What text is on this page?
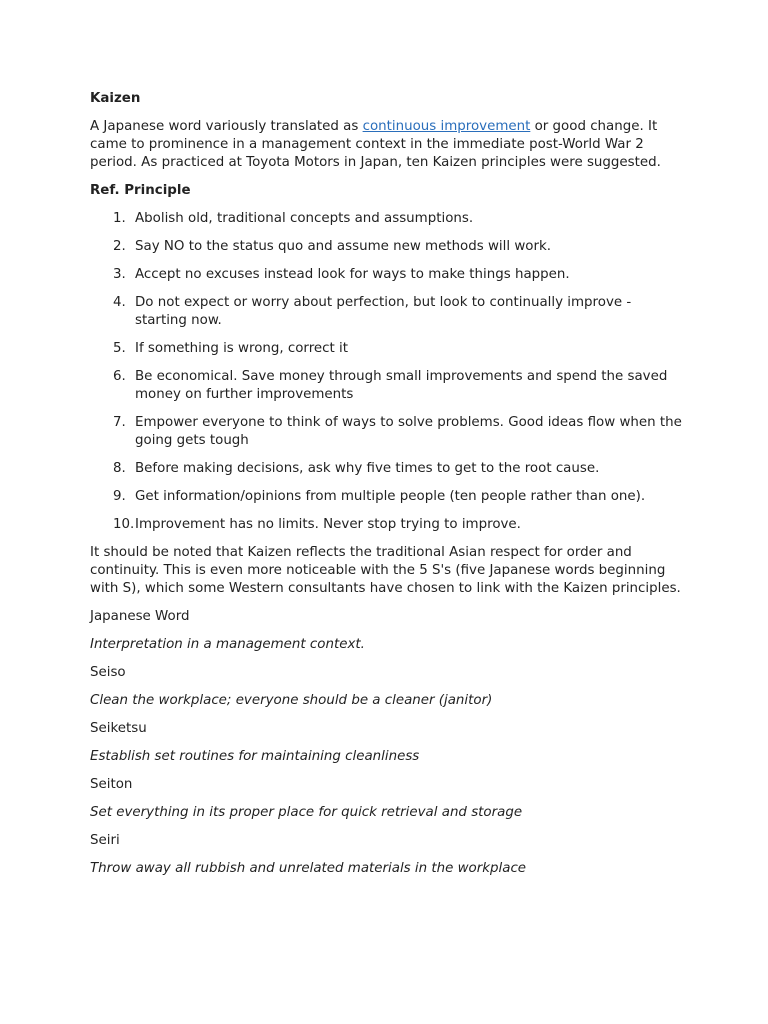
Kaizen

A Japanese word variously translated as continuous improvement or good change. It came to prominence in a management context in the immediate post-World War 2 period. As practiced at Toyota Motors in Japan, ten Kaizen principles were suggested.

Ref. Principle
1. Abolish old, traditional concepts and assumptions.
2. Say NO to the status quo and assume new methods will work.
3. Accept no excuses instead look for ways to make things happen.
4. Do not expect or worry about perfection, but look to continually improve - starting now.
5. If something is wrong, correct it
6. Be economical. Save money through small improvements and spend the saved money on further improvements
7. Empower everyone to think of ways to solve problems. Good ideas flow when the going gets tough
8. Before making decisions, ask why five times to get to the root cause.
9. Get information/opinions from multiple people (ten people rather than one).
10. Improvement has no limits. Never stop trying to improve.

It should be noted that Kaizen reflects the traditional Asian respect for order and continuity. This is even more noticeable with the 5 S's (five Japanese words beginning with S), which some Western consultants have chosen to link with the Kaizen principles.

Japanese Word

Interpretation in a management context.

Seiso

Clean the workplace; everyone should be a cleaner (janitor)

Seiketsu

Establish set routines for maintaining cleanliness

Seiton

Set everything in its proper place for quick retrieval and storage

Seiri

Throw away all rubbish and unrelated materials in the workplace
